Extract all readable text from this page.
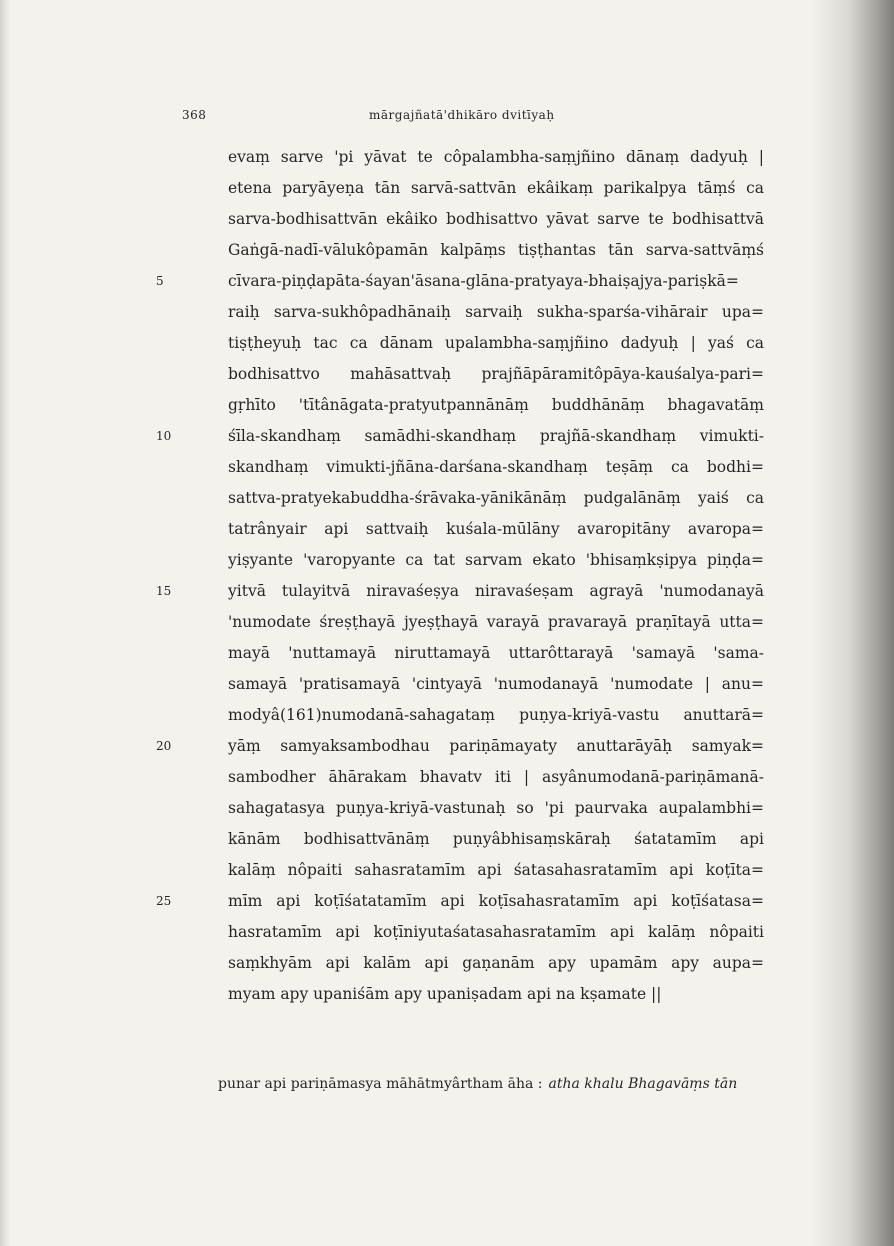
368	mārgajñatā'dhikāro dvitīyaḥ
evaṃ sarve 'pi yāvat te côpalambha-saṃjñino dānaṃ dadyuḥ |
etena paryāyeṇa tān sarvā-sattvān ekâikaṃ parikalpya tāṃś ca
sarva-bodhisattvān ekâiko bodhisattvo yāvat sarve te bodhisattvā
Gaṅgā-nadī-vālukôpamān kalpāṃs tiṣṭhantas tān sarva-sattvāṃś
cīvara-piṇḍapāta-śayan'āsana-glāna-pratyaya-bhaiṣajya-pariṣkā=
raiḥ sarva-sukhôpadhānaiḥ sarvaiḥ sukha-sparśa-vihārair upa=
tiṣṭheyuḥ tac ca dānam upalambha-saṃjñino dadyuḥ | yaś ca
bodhisattvo mahāsattvaḥ prajñāpāramitôpāya-kauśalya-pari=
gṛhīto 'tītânāgata-pratyutpannānāṃ buddhānāṃ bhagavatāṃ
śīla-skandhaṃ samādhi-skandhaṃ prajñā-skandhaṃ vimukti-
skandhaṃ vimukti-jñāna-darśana-skandhaṃ teṣāṃ ca bodhi=
sattva-pratyekabuddha-śrāvaka-yānikānāṃ pudgalānāṃ yaiś ca
tatrânyair api sattvaiḥ kuśala-mūlāny avaropitāny avaropa=
yiṣyante 'varopyante ca tat sarvam ekato 'bhisaṃkṣipya piṇḍa=
yitvā tulayitvā niravaśeṣya niravaśeṣam agrayā 'numodanayā
'numodate śreṣṭhayā jyeṣṭhayā varayā pravarayā praṇītayā utta=
mayā 'nuttamayā niruttamayā uttarôttarayā 'samayā 'sama-
samayā 'pratisamayā 'cintyayā 'numodanayā 'numodate | anu=
modyâ(161)numodanā-sahagataṃ puṇya-kriyā-vastu anuttarā=
yāṃ samyaksambodhau pariṇāmayaty anuttarāyāḥ samyak=
sambodher āhārakam bhavatv iti | asyânumodanā-pariṇāmanā-
sahagatasya puṇya-kriyā-vastunaḥ so 'pi paurvaka aupalambhi=
kānām bodhisattvānāṃ puṇyâbhisaṃskāraḥ śatatamīm api
kalāṃ nôpaiti sahasratamīm api śatasahasratamīm api koṭīta=
mīm api koṭīśatatamīm api koṭīsahasratamīm api koṭīśatasa=
hasratamīm api koṭīniyutaśatasahasratamīm api kalāṃ nôpaiti
saṃkhyām api kalām api gaṇanām apy upamām apy aupa=
myam apy upaniśām apy upaniṣadam api na kṣamate ||
5
10
15
20
25
punar api pariṇāmasya māhātmyârtham āha : atha khalu Bhagavāṃs tān
